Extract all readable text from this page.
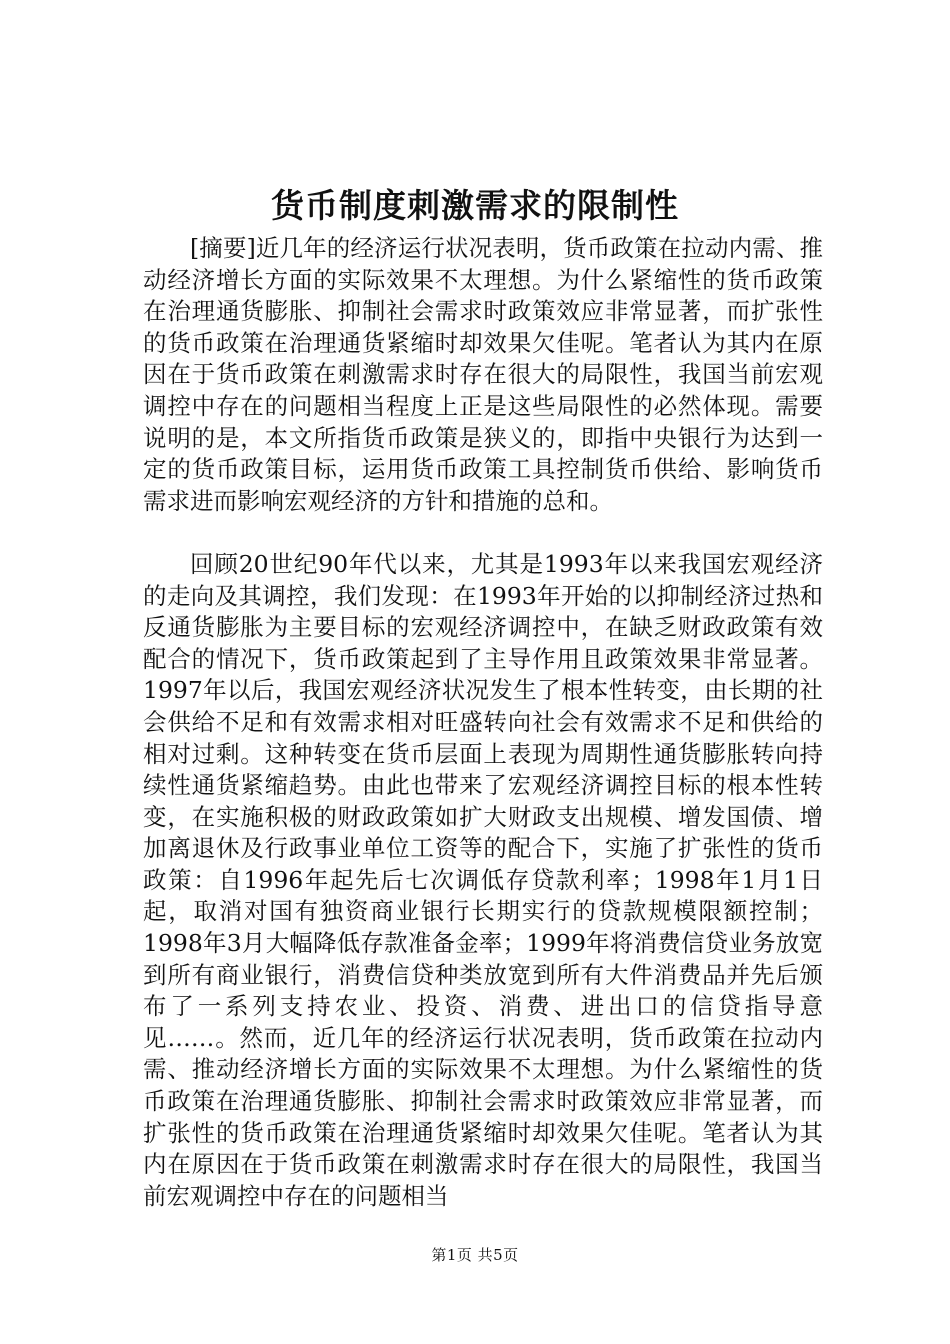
货币制度刺激需求的限制性

[摘要]近几年的经济运行状况表明，货币政策在拉动内需、推动经济增长方面的实际效果不太理想。为什么紧缩性的货币政策在治理通货膨胀、抑制社会需求时政策效应非常显著，而扩张性的货币政策在治理通货紧缩时却效果欠佳呢。笔者认为其内在原因在于货币政策在刺激需求时存在很大的局限性，我国当前宏观调控中存在的问题相当程度上正是这些局限性的必然体现。需要说明的是，本文所指货币政策是狭义的，即指中央银行为达到一定的货币政策目标，运用货币政策工具控制货币供给、影响货币需求进而影响宏观经济的方针和措施的总和。

回顾20世纪90年代以来，尤其是1993年以来我国宏观经济的走向及其调控，我们发现：在1993年开始的以抑制经济过热和反通货膨胀为主要目标的宏观经济调控中，在缺乏财政政策有效配合的情况下，货币政策起到了主导作用且政策效果非常显著。1997年以后，我国宏观经济状况发生了根本性转变，由长期的社会供给不足和有效需求相对旺盛转向社会有效需求不足和供给的相对过剩。这种转变在货币层面上表现为周期性通货膨胀转向持续性通货紧缩趋势。由此也带来了宏观经济调控目标的根本性转变，在实施积极的财政政策如扩大财政支出规模、增发国债、增加离退休及行政事业单位工资等的配合下，实施了扩张性的货币政策：自1996年起先后七次调低存贷款利率；1998年1月1日起，取消对国有独资商业银行长期实行的贷款规模限额控制；1998年3月大幅降低存款准备金率；1999年将消费信贷业务放宽到所有商业银行，消费信贷种类放宽到所有大件消费品并先后颁布了一系列支持农业、投资、消费、进出口的信贷指导意见……。然而，近几年的经济运行状况表明，货币政策在拉动内需、推动经济增长方面的实际效果不太理想。为什么紧缩性的货币政策在治理通货膨胀、抑制社会需求时政策效应非常显著，而扩张性的货币政策在治理通货紧缩时却效果欠佳呢。笔者认为其内在原因在于货币政策在刺激需求时存在很大的局限性，我国当前宏观调控中存在的问题相当

第1页 共5页
